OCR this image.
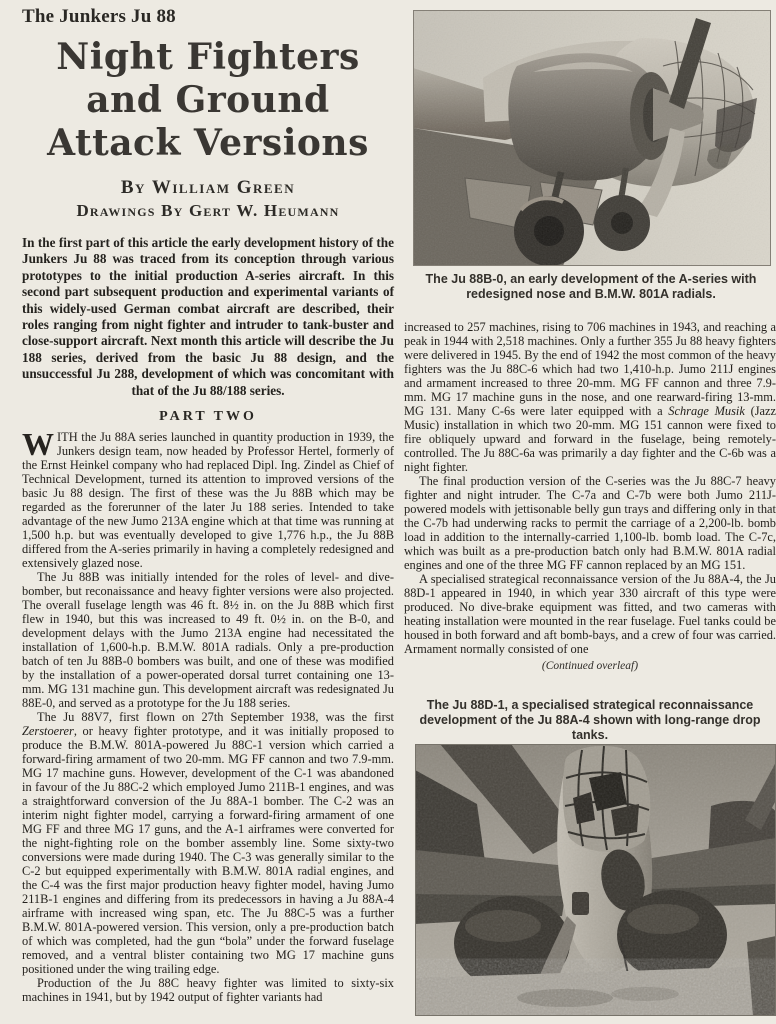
The Junkers Ju 88
Night Fighters
and Ground
Attack Versions
By William Green
Drawings By Gert W. Heumann
In the first part of this article the early development history of the Junkers Ju 88 was traced from its conception through various prototypes to the initial production A-series aircraft. In this second part subsequent production and experimental variants of this widely-used German combat aircraft are described, their roles ranging from night fighter and intruder to tank-buster and close-support aircraft. Next month this article will describe the Ju 188 series, derived from the basic Ju 88 design, and the unsuccessful Ju 288, development of which was concomitant with that of the Ju 88/188 series.
PART TWO

WITH the Ju 88A series launched in quantity production in 1939, the Junkers design team, now headed by Professor Hertel, formerly of the Ernst Heinkel company who had replaced Dipl. Ing. Zindel as Chief of Technical Development, turned its attention to improved versions of the basic Ju 88 design. The first of these was the Ju 88B which may be regarded as the forerunner of the later Ju 188 series. Intended to take advantage of the new Jumo 213A engine which at that time was running at 1,500 h.p. but was eventually developed to give 1,776 h.p., the Ju 88B differed from the A-series primarily in having a completely redesigned and extensively glazed nose.

The Ju 88B was initially intended for the roles of level- and dive-bomber, but reconaissance and heavy fighter versions were also projected. The overall fuselage length was 46 ft. 8½ in. on the Ju 88B which first flew in 1940, but this was increased to 49 ft. 0½ in. on the B-0, and development delays with the Jumo 213A engine had necessitated the installation of 1,600-h.p. B.M.W. 801A radials. Only a pre-production batch of ten Ju 88B-0 bombers was built, and one of these was modified by the installation of a power-operated dorsal turret containing one 13-mm. MG 131 machine gun. This development aircraft was redesignated Ju 88E-0, and served as a prototype for the Ju 188 series.

The Ju 88V7, first flown on 27th September 1938, was the first Zerstoerer, or heavy fighter prototype, and it was initially proposed to produce the B.M.W. 801A-powered Ju 88C-1 version which carried a forward-firing armament of two 20-mm. MG FF cannon and two 7.9-mm. MG 17 machine guns. However, development of the C-1 was abandoned in favour of the Ju 88C-2 which employed Jumo 211B-1 engines, and was a straightforward conversion of the Ju 88A-1 bomber. The C-2 was an interim night fighter model, carrying a forward-firing armament of one MG FF and three MG 17 guns, and the A-1 airframes were converted for the night-fighting role on the bomber assembly line. Some sixty-two conversions were made during 1940. The C-3 was generally similar to the C-2 but equipped experimentally with B.M.W. 801A radial engines, and the C-4 was the first major production heavy fighter model, having Jumo 211B-1 engines and differing from its predecessors in having a Ju 88A-4 airframe with increased wing span, etc. The Ju 88C-5 was a further B.M.W. 801A-powered version. This version, only a pre-production batch of which was completed, had the gun “bola” under the forward fuselage removed, and a ventral blister containing two MG 17 machine guns positioned under the wing trailing edge.

Production of the Ju 88C heavy fighter was limited to sixty-six machines in 1941, but by 1942 output of fighter variants had

The Ju 88B-0, an early development of the A-series with redesigned nose and B.M.W. 801A radials.

increased to 257 machines, rising to 706 machines in 1943, and reaching a peak in 1944 with 2,518 machines. Only a further 355 Ju 88 heavy fighters were delivered in 1945. By the end of 1942 the most common of the heavy fighters was the Ju 88C-6 which had two 1,410-h.p. Jumo 211J engines and armament increased to three 20-mm. MG FF cannon and three 7.9-mm. MG 17 machine guns in the nose, and one rearward-firing 13-mm. MG 131. Many C-6s were later equipped with a Schrage Musik (Jazz Music) installation in which two 20-mm. MG 151 cannon were fixed to fire obliquely upward and forward in the fuselage, being remotely-controlled. The Ju 88C-6a was primarily a day fighter and the C-6b was a night fighter.

The final production version of the C-series was the Ju 88C-7 heavy fighter and night intruder. The C-7a and C-7b were both Jumo 211J-powered models with jettisonable belly gun trays and differing only in that the C-7b had underwing racks to permit the carriage of a 2,200-lb. bomb load in addition to the internally-carried 1,100-lb. bomb load. The C-7c, which was built as a pre-production batch only had B.M.W. 801A radial engines and one of the three MG FF cannon replaced by an MG 151.

A specialised strategical reconnaissance version of the Ju 88A-4, the Ju 88D-1 appeared in 1940, in which year 330 aircraft of this type were produced. No dive-brake equipment was fitted, and two cameras with heating installation were mounted in the rear fuselage. Fuel tanks could be housed in both forward and aft bomb-bays, and a crew of four was carried. Armament normally consisted of one

(Continued overleaf)
The Ju 88D-1, a specialised strategical reconnaissance development of the Ju 88A-4 shown with long-range drop tanks.
